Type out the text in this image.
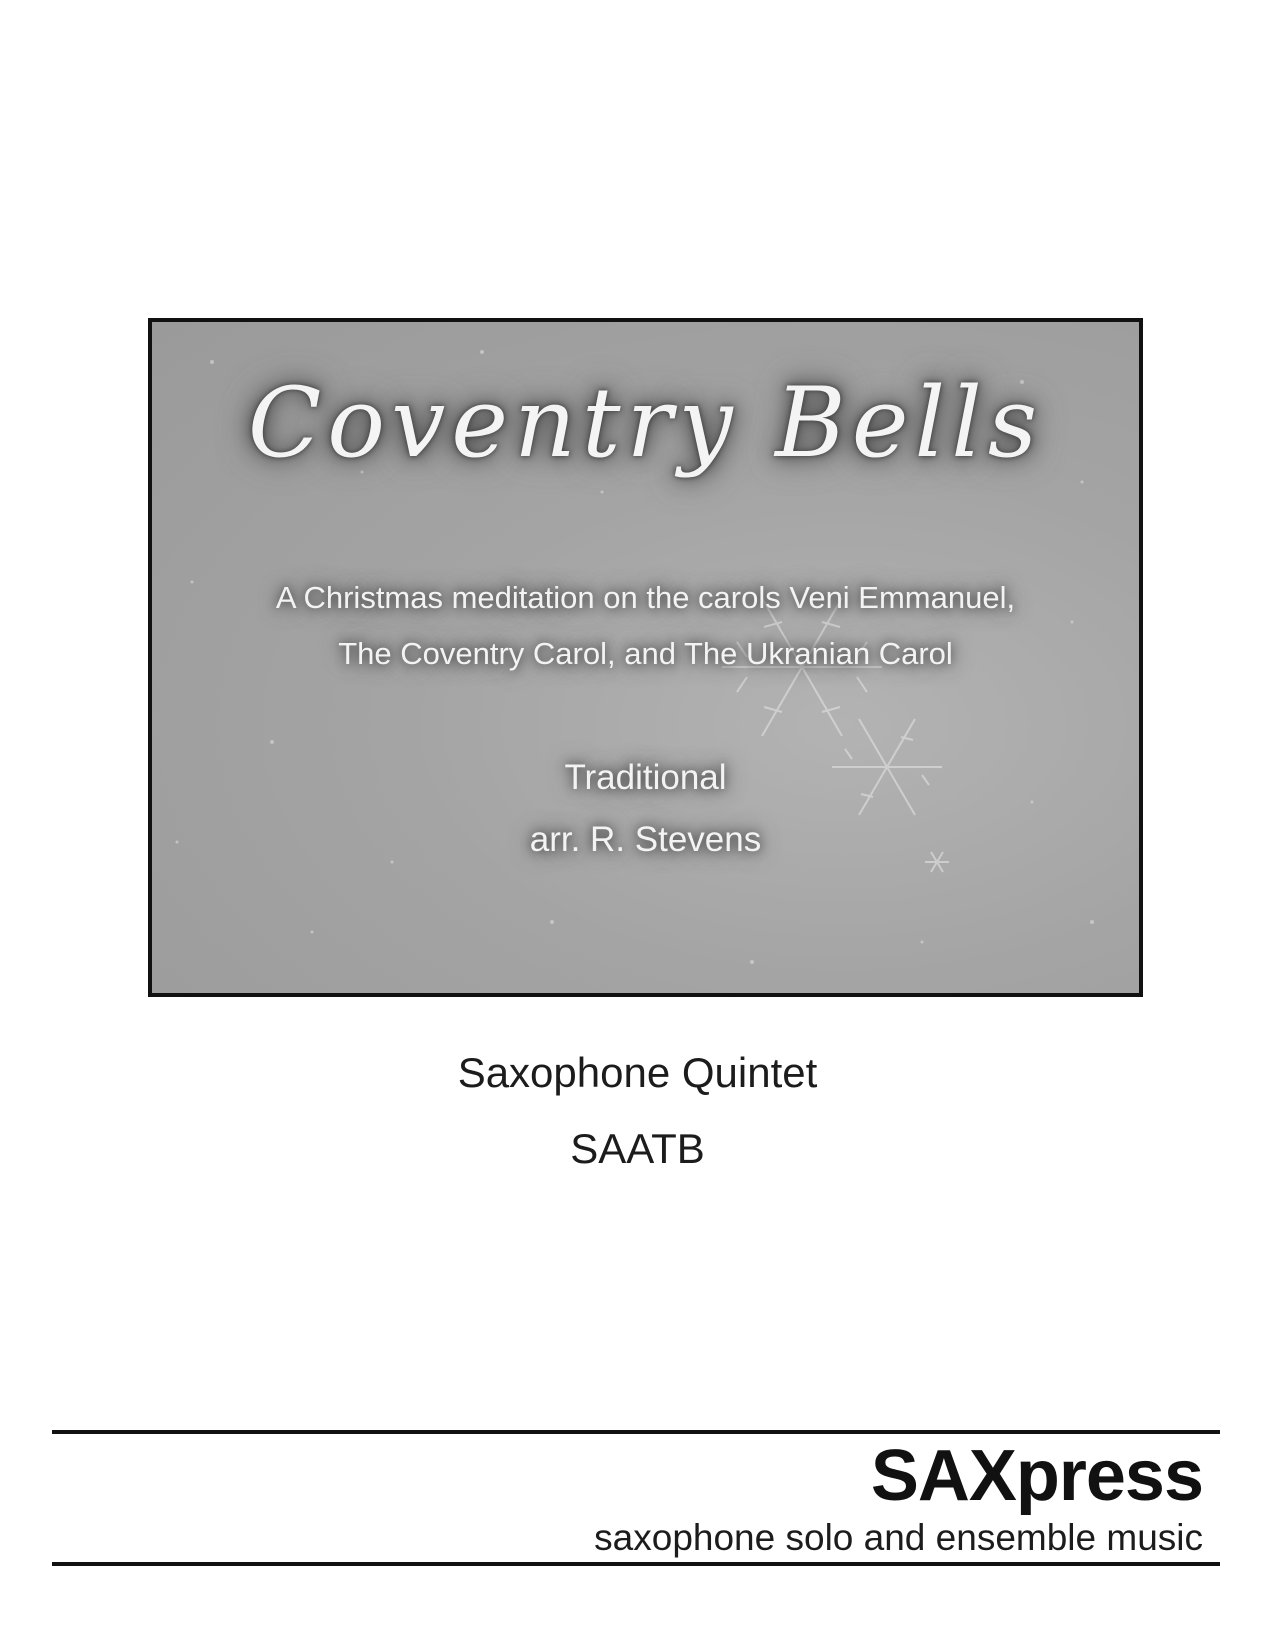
Coventry Bells
A Christmas meditation on the carols Veni Emmanuel,
The Coventry Carol, and The Ukranian Carol
Traditional
arr. R. Stevens
Saxophone Quintet
SAATB
SAXpress
saxophone solo and ensemble music
